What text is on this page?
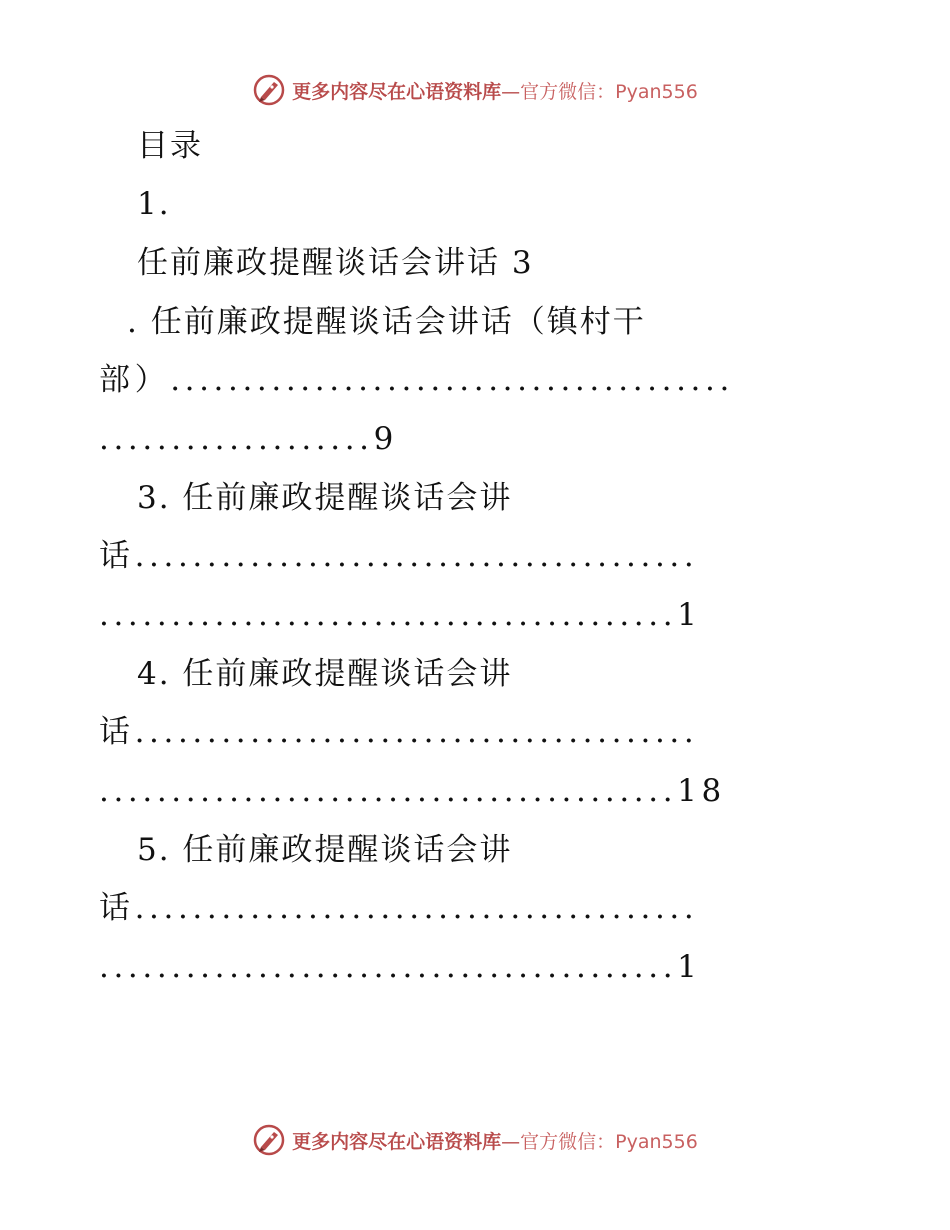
更多内容尽在心语资料库—官方微信：Pyan556
目录
1.
任前廉政提醒谈话会讲话 3
. 任前廉政提醒谈话会讲话（镇村干
部）.......................................
...................9
3. 任前廉政提醒谈话会讲
话.......................................
........................................1
4. 任前廉政提醒谈话会讲
话.......................................
........................................18
5. 任前廉政提醒谈话会讲
话.......................................
........................................1
更多内容尽在心语资料库—官方微信：Pyan556
